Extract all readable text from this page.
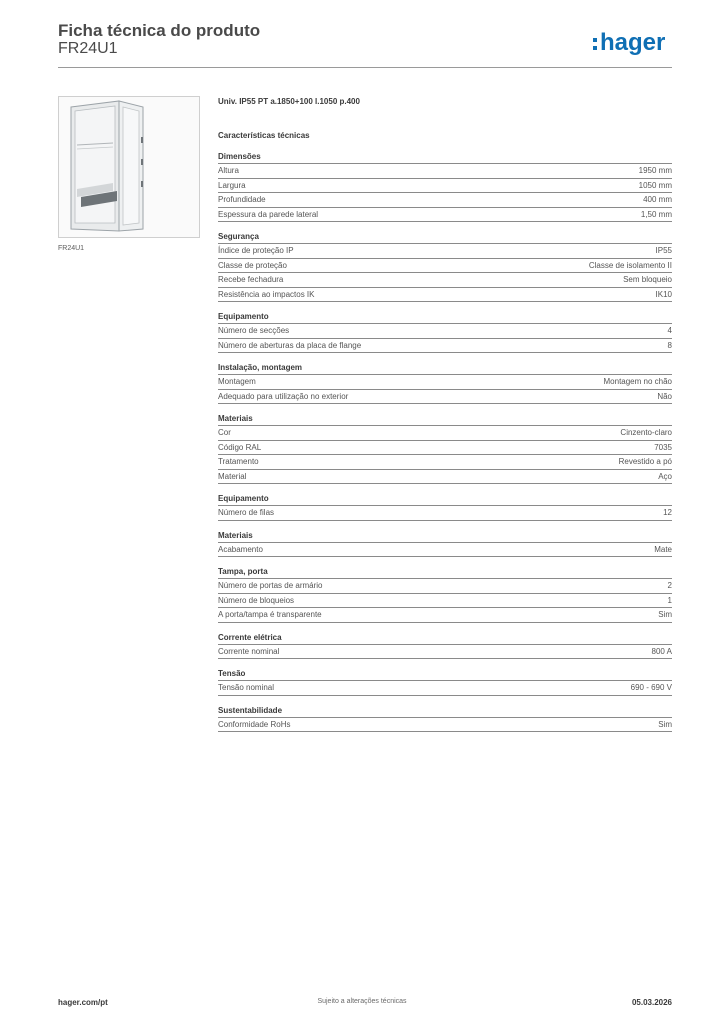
Ficha técnica do produto
FR24U1	hager
FR24U1
Univ. IP55 PT a.1850+100 l.1050 p.400
Características técnicas
Dimensões
Altura	1950 mm
Largura	1050 mm
Profundidade	400 mm
Espessura da parede lateral	1,50 mm
Segurança
Índice de proteção IP	IP55
Classe de proteção	Classe de isolamento II
Recebe fechadura	Sem bloqueio
Resistência ao impactos IK	IK10
Equipamento
Número de secções	4
Número de aberturas da placa de flange	8
Instalação, montagem
Montagem	Montagem no chão
Adequado para utilização no exterior	Não
Materiais
Cor	Cinzento-claro
Código RAL	7035
Tratamento	Revestido a pó
Material	Aço
Equipamento
Número de filas	12
Materiais
Acabamento	Mate
Tampa, porta
Número de portas de armário	2
Número de bloqueios	1
A porta/tampa é transparente	Sim
Corrente elétrica
Corrente nominal	800 A
Tensão
Tensão nominal	690 - 690 V
Sustentabilidade
Conformidade RoHs	Sim
Sujeito a alterações técnicas
hager.com/pt	05.03.2026
